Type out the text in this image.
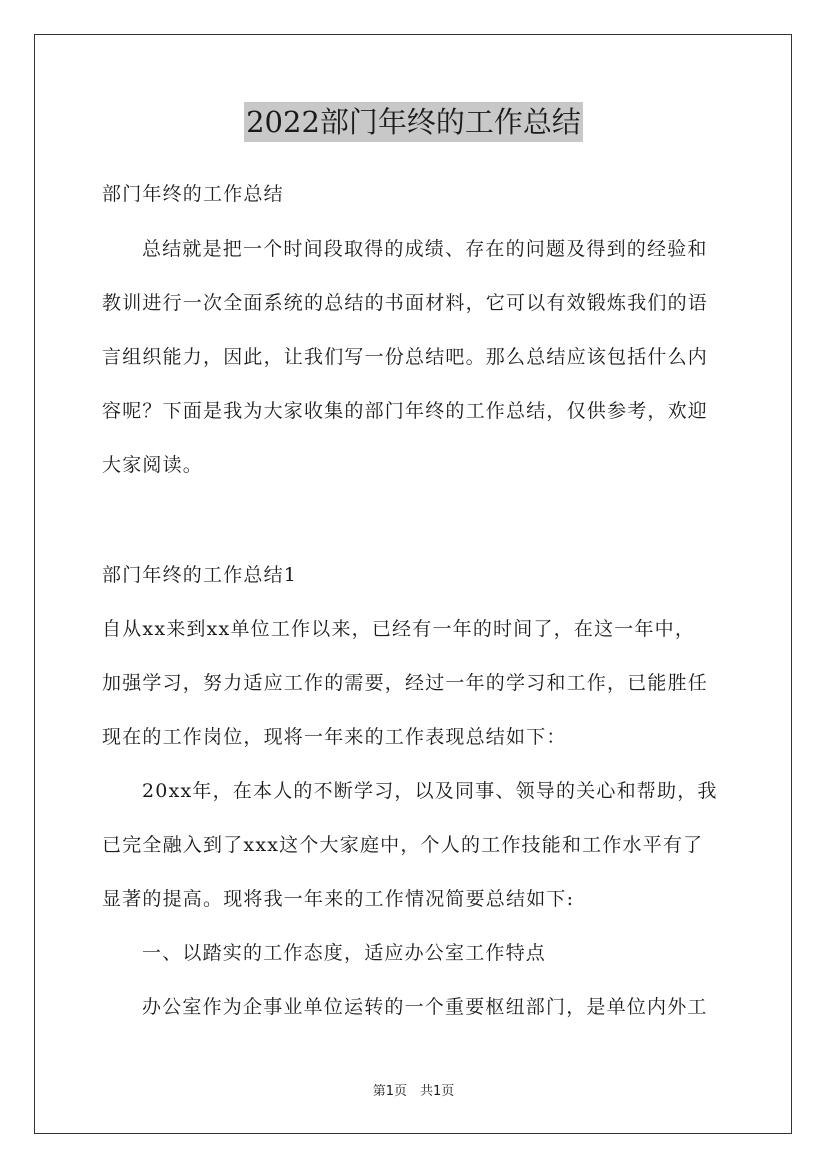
2022部门年终的工作总结
部门年终的工作总结
总结就是把一个时间段取得的成绩、存在的问题及得到的经验和
教训进行一次全面系统的总结的书面材料，它可以有效锻炼我们的语
言组织能力，因此，让我们写一份总结吧。那么总结应该包括什么内
容呢？下面是我为大家收集的部门年终的工作总结，仅供参考，欢迎
大家阅读。
部门年终的工作总结1
自从xx来到xx单位工作以来，已经有一年的时间了，在这一年中，
加强学习，努力适应工作的需要，经过一年的学习和工作，已能胜任
现在的工作岗位，现将一年来的工作表现总结如下：
20xx年，在本人的不断学习，以及同事、领导的关心和帮助，我
已完全融入到了xxx这个大家庭中，个人的工作技能和工作水平有了
显著的提高。现将我一年来的工作情况简要总结如下:
一、以踏实的工作态度，适应办公室工作特点
办公室作为企事业单位运转的一个重要枢纽部门，是单位内外工
第1页　共1页
